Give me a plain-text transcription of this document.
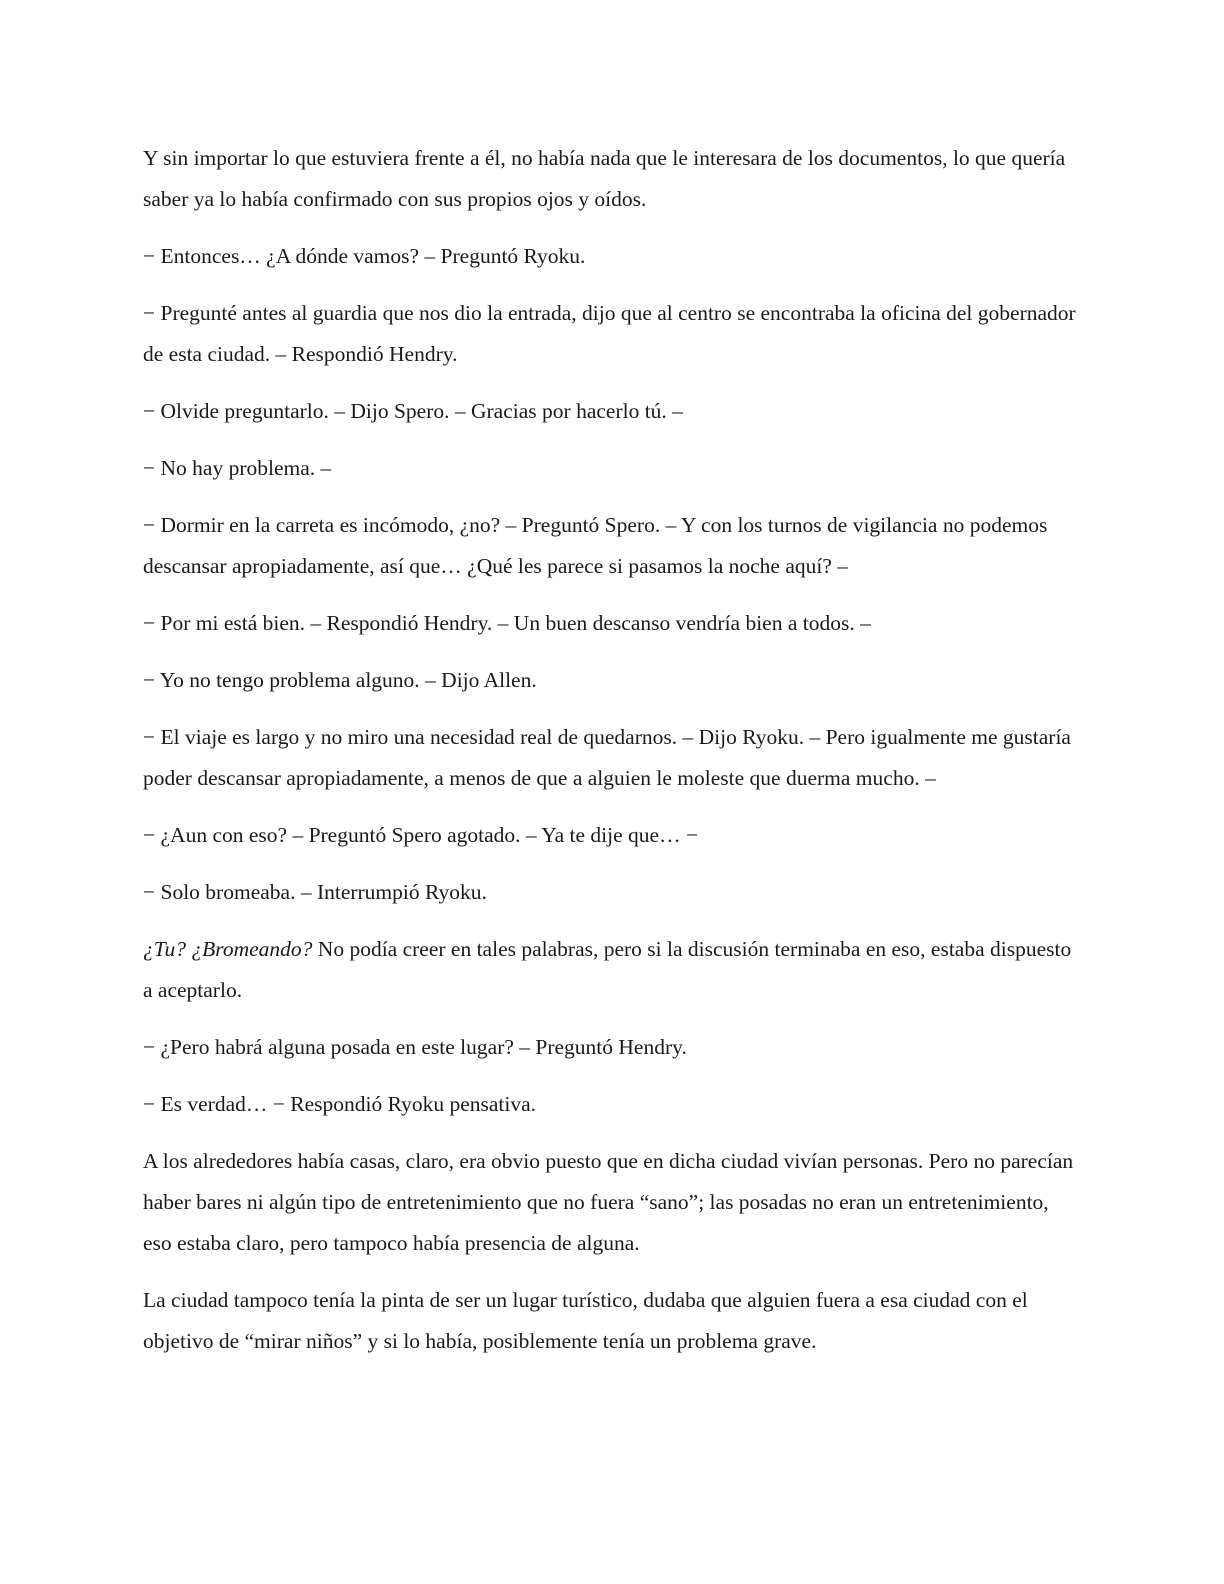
Y sin importar lo que estuviera frente a él, no había nada que le interesara de los documentos, lo que quería saber ya lo había confirmado con sus propios ojos y oídos.

− Entonces… ¿A dónde vamos? – Preguntó Ryoku.

− Pregunté antes al guardia que nos dio la entrada, dijo que al centro se encontraba la oficina del gobernador de esta ciudad. – Respondió Hendry.

− Olvide preguntarlo. – Dijo Spero. – Gracias por hacerlo tú. –

− No hay problema. –

− Dormir en la carreta es incómodo, ¿no? – Preguntó Spero. – Y con los turnos de vigilancia no podemos descansar apropiadamente, así que… ¿Qué les parece si pasamos la noche aquí? –

− Por mi está bien. – Respondió Hendry. – Un buen descanso vendría bien a todos. –

− Yo no tengo problema alguno. – Dijo Allen.

− El viaje es largo y no miro una necesidad real de quedarnos. – Dijo Ryoku. – Pero igualmente me gustaría poder descansar apropiadamente, a menos de que a alguien le moleste que duerma mucho. –

− ¿Aun con eso? – Preguntó Spero agotado. – Ya te dije que… −

− Solo bromeaba. – Interrumpió Ryoku.

¿Tu? ¿Bromeando? No podía creer en tales palabras, pero si la discusión terminaba en eso, estaba dispuesto a aceptarlo.

− ¿Pero habrá alguna posada en este lugar? – Preguntó Hendry.

− Es verdad… − Respondió Ryoku pensativa.

A los alrededores había casas, claro, era obvio puesto que en dicha ciudad vivían personas. Pero no parecían haber bares ni algún tipo de entretenimiento que no fuera “sano”; las posadas no eran un entretenimiento, eso estaba claro, pero tampoco había presencia de alguna.

La ciudad tampoco tenía la pinta de ser un lugar turístico, dudaba que alguien fuera a esa ciudad con el objetivo de “mirar niños” y si lo había, posiblemente tenía un problema grave.
